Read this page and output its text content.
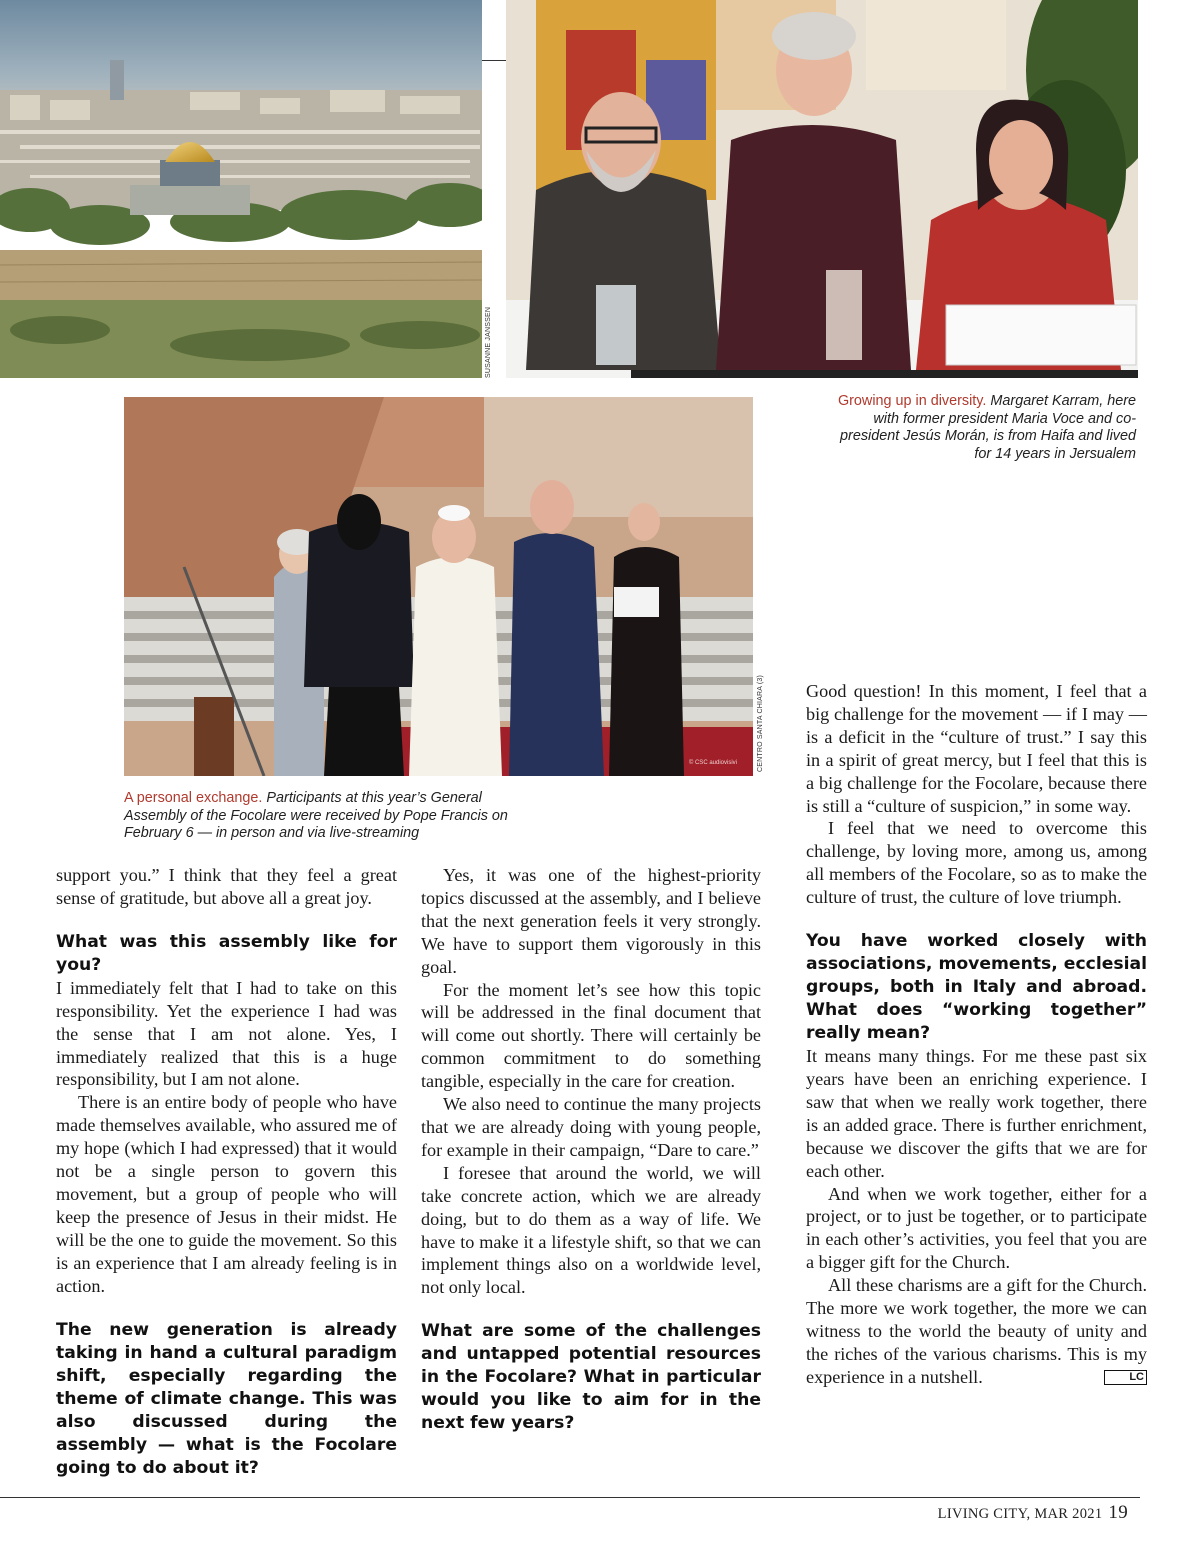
SUSANNE JANSSEN
Growing up in diversity. Margaret Karram, here with former president Maria Voce and co-president Jesús Morán, is from Haifa and lived for 14 years in Jersualem
© CSC audiovisivi	CENTRO SANTA CHIARA (3)
A personal exchange. Participants at this year’s General Assembly of the Focolare were received by Pope Francis on February 6 — in person and via live-streaming

support you.” I think that they feel a great sense of gratitude, but above all a great joy.

What was this assembly like for you?

I immediately felt that I had to take on this responsibility. Yet the experience I had was the sense that I am not alone. Yes, I immediately realized that this is a huge responsibility, but I am not alone.

There is an entire body of people who have made themselves available, who assured me of my hope (which I had expressed) that it would not be a single person to govern this movement, but a group of people who will keep the presence of Jesus in their midst. He will be the one to guide the movement. So this is an experience that I am already feeling is in action.

The new generation is already taking in hand a cultural paradigm shift, especially regarding the theme of climate change. This was also discussed during the assembly — what is the Focolare going to do about it?

Yes, it was one of the highest-priority topics discussed at the assembly, and I believe that the next generation feels it very strongly. We have to support them vigorously in this goal.

For the moment let’s see how this topic will be addressed in the final document that will come out shortly. There will certainly be common commitment to do something tangible, especially in the care for creation.

We also need to continue the many projects that we are already doing with young people, for example in their campaign, “Dare to care.”

I foresee that around the world, we will take concrete action, which we are already doing, but to do them as a way of life. We have to make it a lifestyle shift, so that we can implement things also on a worldwide level, not only local.

What are some of the challenges and untapped potential resources in the Focolare? What in particular would you like to aim for in the next few years?

Good question! In this moment, I feel that a big challenge for the movement — if I may — is a deficit in the “culture of trust.” I say this in a spirit of great mercy, but I feel that this is a big challenge for the Focolare, because there is still a “culture of suspicion,” in some way.

I feel that we need to overcome this challenge, by loving more, among us, among all members of the Focolare, so as to make the culture of trust, the culture of love triumph.

You have worked closely with associations, movements, ecclesial groups, both in Italy and abroad. What does “working together” really mean?

It means many things. For me these past six years have been an enriching experience. I saw that when we really work together, there is an added grace. There is further enrichment, because we discover the gifts that we are for each other.

And when we work together, either for a project, or to just be together, or to participate in each other’s activities, you feel that you are a bigger gift for the Church.

All these charisms are a gift for the Church. The more we work together, the more we can witness to the world the beauty of unity and the riches of the various charisms. This is my experience in a nutshell.	LC

LIVING CITY, MAR 2021 19
